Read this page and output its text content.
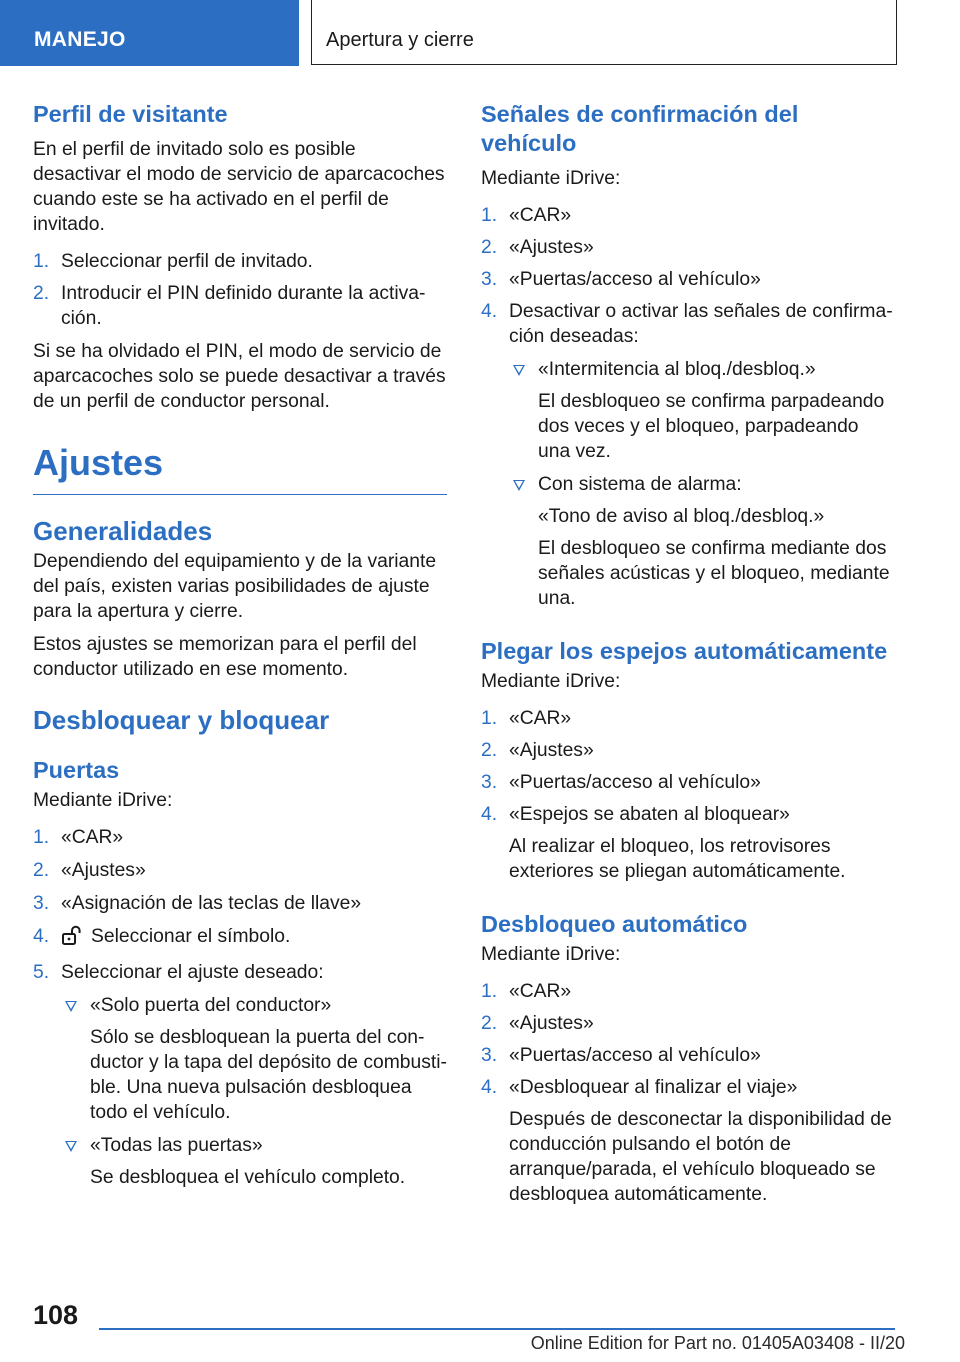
MANEJO	Apertura y cierre
Perfil de visitante

En el perfil de invitado solo es posible desactivar el modo de servicio de aparcacoches cuando este se ha activado en el perfil de invitado.

1. Seleccionar perfil de invitado.
2. Introducir el PIN definido durante la activación.

Si se ha olvidado el PIN, el modo de servicio de aparcacoches solo se puede desactivar a través de un perfil de conductor personal.

Ajustes
Generalidades

Dependiendo del equipamiento y de la variante del país, existen varias posibilidades de ajuste para la apertura y cierre.

Estos ajustes se memorizan para el perfil del conductor utilizado en ese momento.

Desbloquear y bloquear
Puertas

Mediante iDrive:

1. «CAR»
2. «Ajustes»
3. «Asignación de las teclas de llave»
4. Seleccionar el símbolo.
5. Seleccionar el ajuste deseado:
«Solo puerta del conductor»
Sólo se desbloquean la puerta del conductor y la tapa del depósito de combustible. Una nueva pulsación desbloquea todo el vehículo.
«Todas las puertas»
Se desbloquea el vehículo completo.
Señales de confirmación del vehículo

Mediante iDrive:

1. «CAR»
2. «Ajustes»
3. «Puertas/acceso al vehículo»
4. Desactivar o activar las señales de confirmación deseadas:
«Intermitencia al bloq./desbloq.»
El desbloqueo se confirma parpadeando dos veces y el bloqueo, parpadeando una vez.
Con sistema de alarma:
«Tono de aviso al bloq./desbloq.»
El desbloqueo se confirma mediante dos señales acústicas y el bloqueo, mediante una.
Plegar los espejos automáticamente

Mediante iDrive:

1. «CAR»
2. «Ajustes»
3. «Puertas/acceso al vehículo»
4. «Espejos se abaten al bloquear»

Al realizar el bloqueo, los retrovisores exteriores se pliegan automáticamente.

Desbloqueo automático

Mediante iDrive:

1. «CAR»
2. «Ajustes»
3. «Puertas/acceso al vehículo»
4. «Desbloquear al finalizar el viaje»

Después de desconectar la disponibilidad de conducción pulsando el botón de arranque/parada, el vehículo bloqueado se desbloquea automáticamente.

108
Online Edition for Part no. 01405A03408 - II/20
